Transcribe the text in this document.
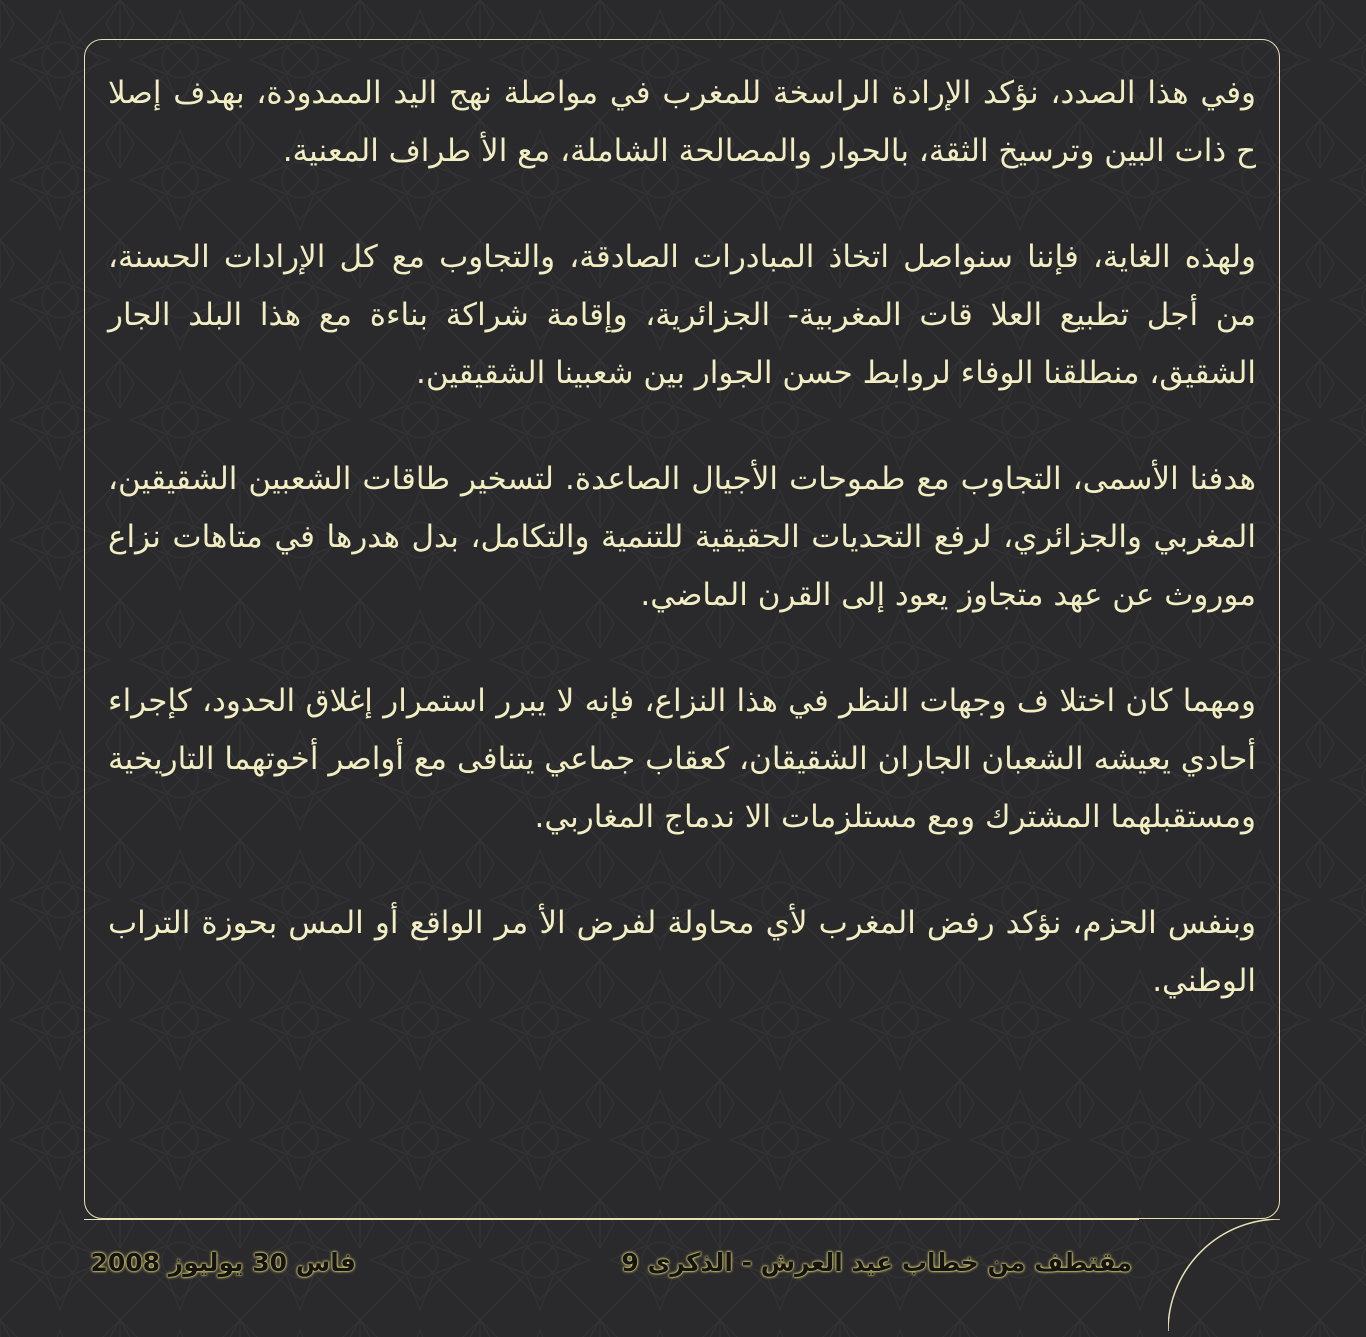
وفي هذا الصدد، نؤكد الإرادة الراسخة للمغرب في مواصلة نهج اليد الممدودة، بهدف إصلا ح ذات البين وترسيخ الثقة، بالحوار والمصالحة الشاملة، مع الأ طراف المعنية.

ولهذه الغاية، فإننا سنواصل اتخاذ المبادرات الصادقة، والتجاوب مع كل الإرادات الحسنة، من أجل تطبيع العلا قات المغربية- الجزائرية، وإقامة شراكة بناءة مع هذا البلد الجار الشقيق، منطلقنا الوفاء لروابط حسن الجوار بين شعبينا الشقيقين.

هدفنا الأسمى، التجاوب مع طموحات الأجيال الصاعدة. لتسخير طاقات الشعبين الشقيقين، المغربي والجزائري، لرفع التحديات الحقيقية للتنمية والتكامل، بدل هدرها في متاهات نزاع موروث عن عهد متجاوز يعود إلى القرن الماضي.

ومهما كان اختلا ف وجهات النظر في هذا النزاع، فإنه لا يبرر استمرار إغلاق الحدود، كإجراء أحادي يعيشه الشعبان الجاران الشقيقان، كعقاب جماعي يتنافى مع أواصر أخوتهما التاريخية ومستقبلهما المشترك ومع مستلزمات الا ندماج المغاربي.

وبنفس الحزم، نؤكد رفض المغرب لأي محاولة لفرض الأ مر الواقع أو المس بحوزة التراب الوطني.

مقتطف من خطاب عيد العرش - الذكرى 9
فاس 30 يوليوز 2008
